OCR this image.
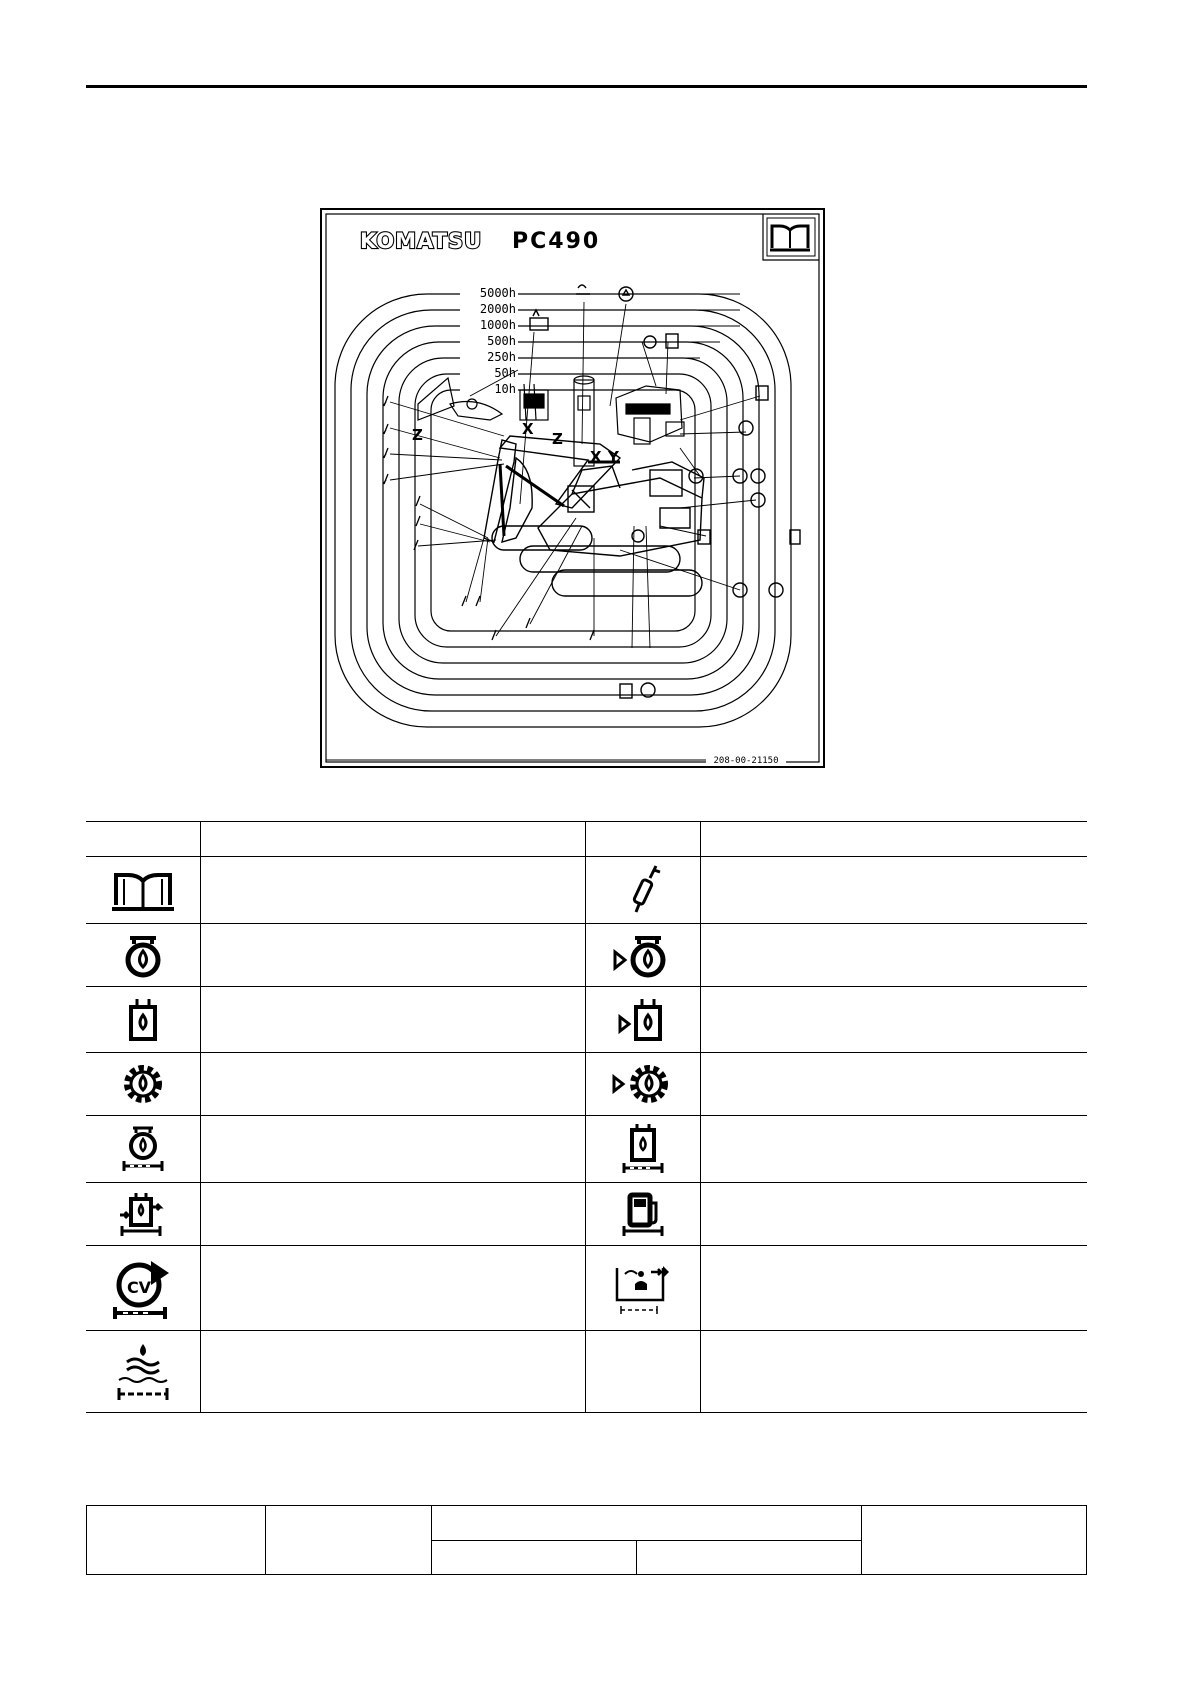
KOMATSU PC490
5000h
2000h
1000h
500h
250h
50h
10h
Z	X
Z
X Y
208-00-21150

CV
